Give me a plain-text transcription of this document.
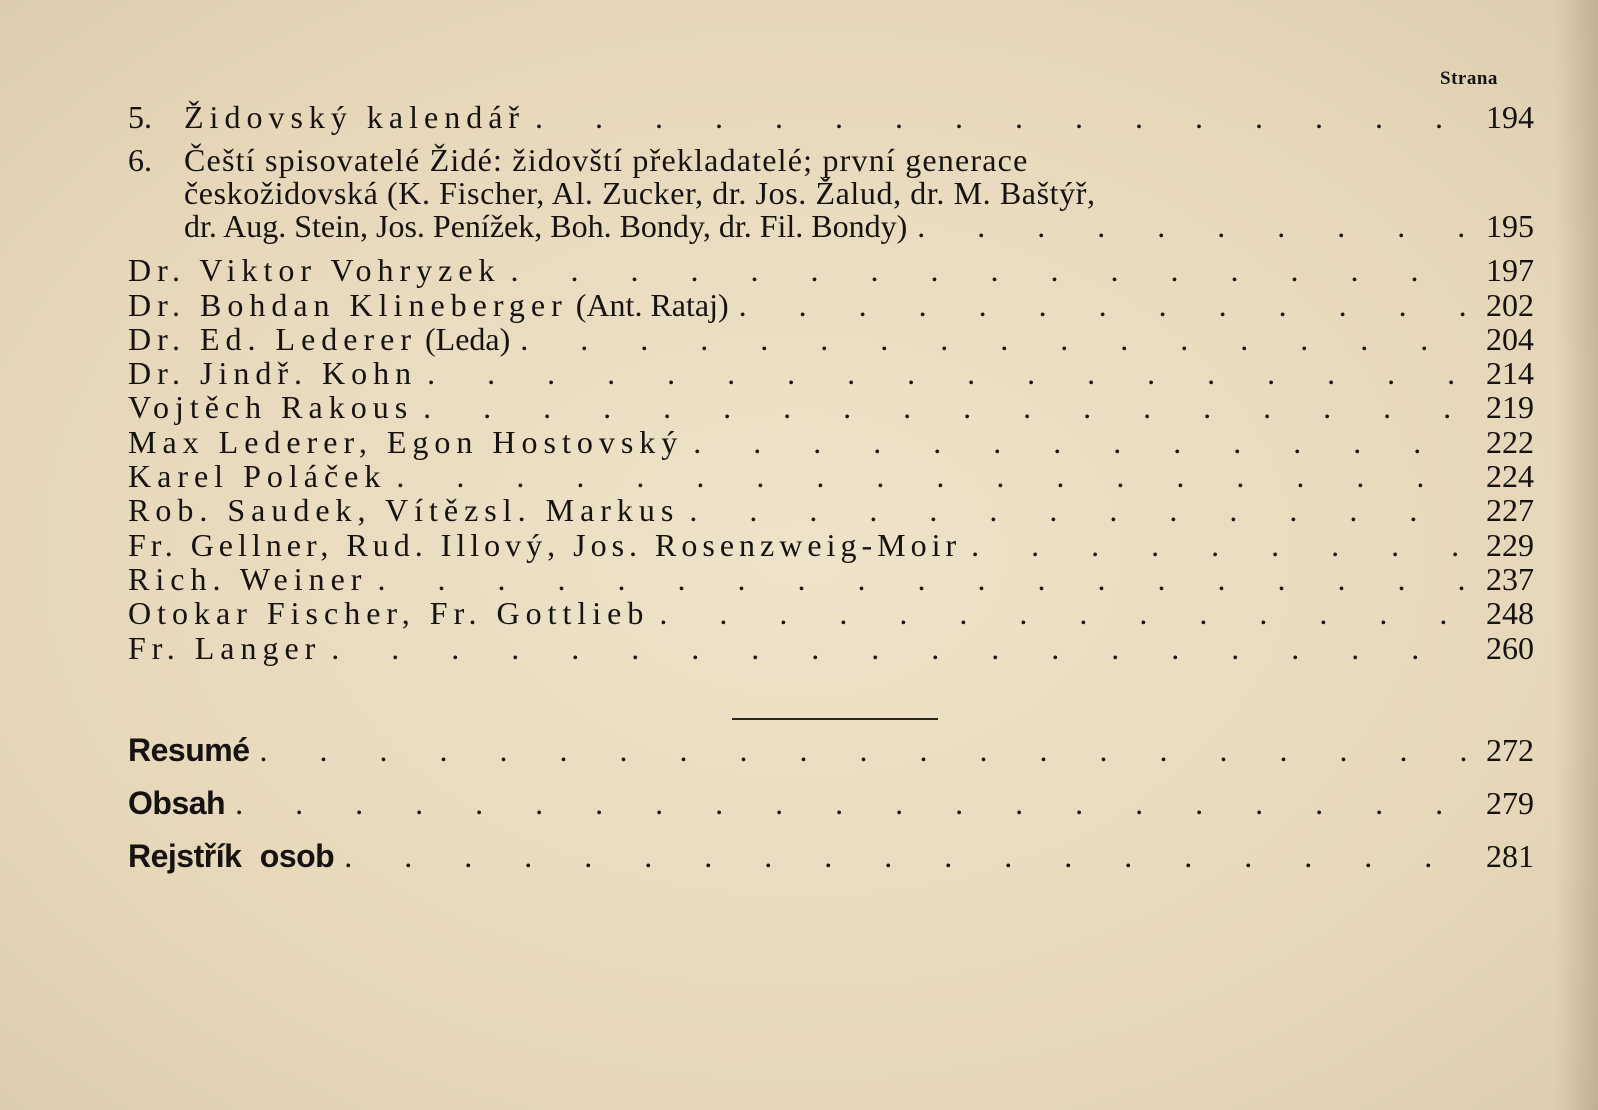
Strana
5. Židovský kalendář . . .	194
6. Čeští spisovatelé Židé: židovští překladatelé; první generace
českožidovská (K. Fischer, Al. Zucker, dr. Jos. Žalud, dr. M. Baštýř,
dr. Aug. Stein, Jos. Penížek, Boh. Bondy, dr. Fil. Bondy) . . .	195
Dr. Viktor Vohryzek . . .	197
Dr. Bohdan Klineberger (Ant. Rataj) . . .	202
Dr. Ed. Lederer (Leda) . . .	204
Dr. Jindř. Kohn . . .	214
Vojtěch Rakous . . .	219
Max Lederer, Egon Hostovský . . .	222
Karel Poláček . . .	224
Rob. Saudek, Vítězsl. Markus . . .	227
Fr. Gellner, Rud. Illový, Jos. Rosenzweig-Moir . . .	229
Rich. Weiner . . .	237
Otokar Fischer, Fr. Gottlieb . . .	248
Fr. Langer . . .	260
Resumé . . .	272
Obsah . . .	279
Rejstřík osob . . .	281
